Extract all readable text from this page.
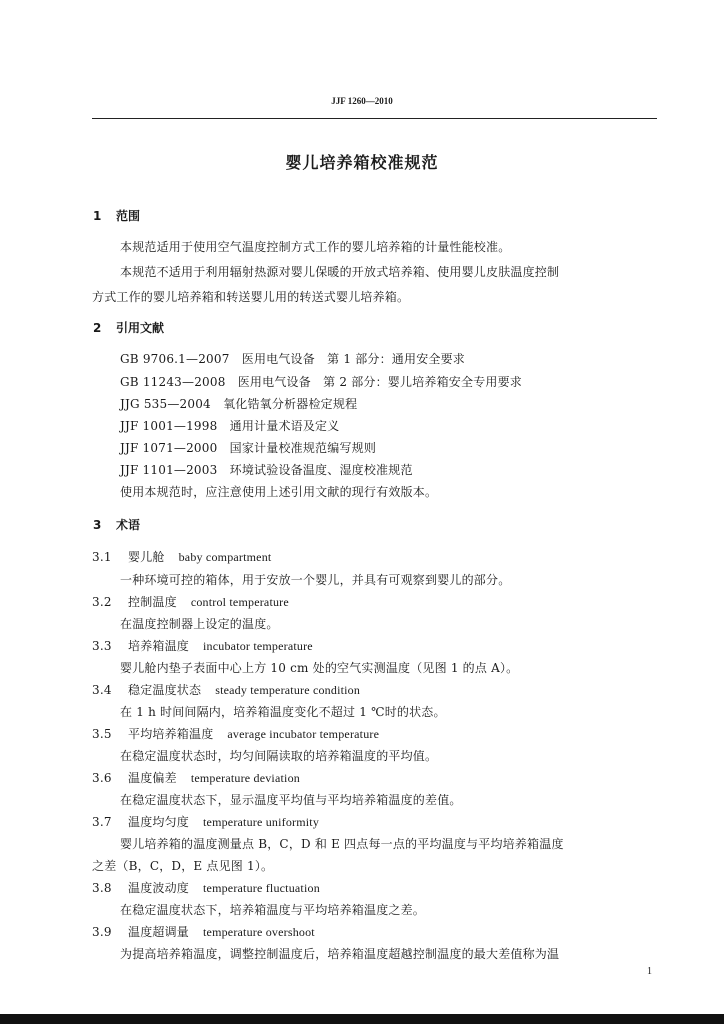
JJF 1260—2010
婴儿培养箱校准规范
1 范围
本规范适用于使用空气温度控制方式工作的婴儿培养箱的计量性能校准。
本规范不适用于利用辐射热源对婴儿保暖的开放式培养箱、使用婴儿皮肤温度控制
方式工作的婴儿培养箱和转送婴儿用的转送式婴儿培养箱。
2 引用文献
GB 9706.1—2007　医用电气设备　第 1 部分：通用安全要求
GB 11243—2008　医用电气设备　第 2 部分：婴儿培养箱安全专用要求
JJG 535—2004　氧化锆氧分析器检定规程
JJF 1001—1998　通用计量术语及定义
JJF 1071—2000　国家计量校准规范编写规则
JJF 1101—2003　环境试验设备温度、湿度校准规范
使用本规范时，应注意使用上述引用文献的现行有效版本。
3 术语
3.1 婴儿舱 baby compartment
一种环境可控的箱体，用于安放一个婴儿，并具有可观察到婴儿的部分。
3.2 控制温度 control temperature
在温度控制器上设定的温度。
3.3 培养箱温度 incubator temperature
婴儿舱内垫子表面中心上方 10 cm 处的空气实测温度（见图 1 的点 A）。
3.4 稳定温度状态 steady temperature condition
在 1 h 时间间隔内，培养箱温度变化不超过 1 ℃时的状态。
3.5 平均培养箱温度 average incubator temperature
在稳定温度状态时，均匀间隔读取的培养箱温度的平均值。
3.6 温度偏差 temperature deviation
在稳定温度状态下，显示温度平均值与平均培养箱温度的差值。
3.7 温度均匀度 temperature uniformity
婴儿培养箱的温度测量点 B，C，D 和 E 四点每一点的平均温度与平均培养箱温度
之差（B，C，D，E 点见图 1）。
3.8 温度波动度 temperature fluctuation
在稳定温度状态下，培养箱温度与平均培养箱温度之差。
3.9 温度超调量 temperature overshoot
为提高培养箱温度，调整控制温度后，培养箱温度超越控制温度的最大差值称为温
1
